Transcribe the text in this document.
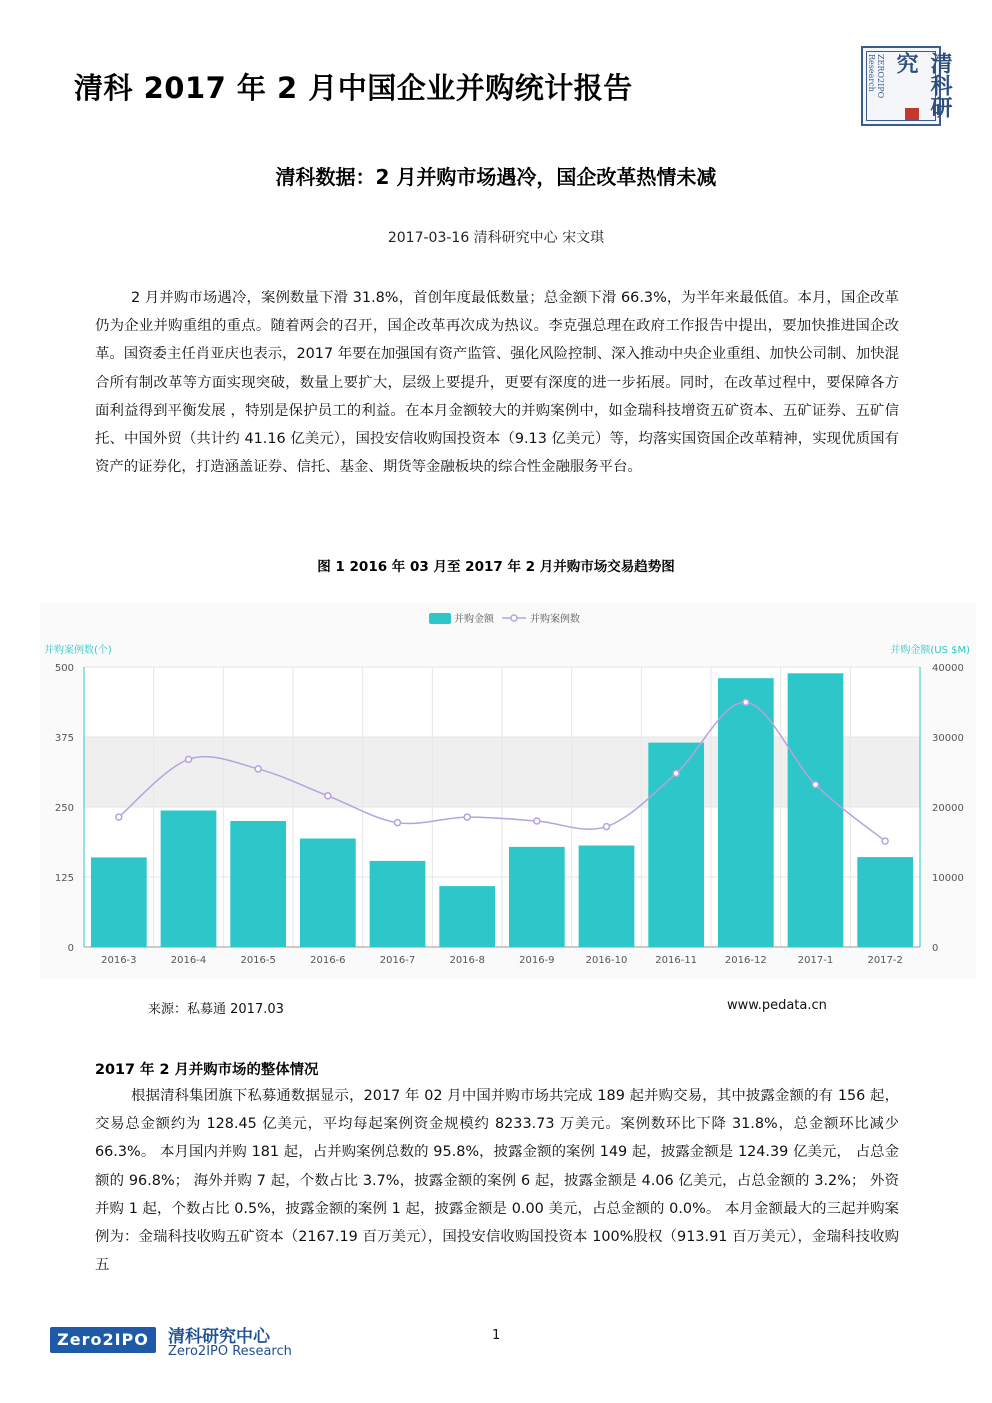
清科 2017 年 2 月中国企业并购统计报告	ZERO2IPO Research	清科研究
清科数据：2 月并购市场遇冷，国企改革热情未减
2017-03-16 清科研究中心 宋文琪
2 月并购市场遇冷，案例数量下滑 31.8%，首创年度最低数量；总金额下滑 66.3%，为半年来最低值。本月，国企改革仍为企业并购重组的重点。随着两会的召开，国企改革再次成为热议。李克强总理在政府工作报告中提出，要加快推进国企改革。国资委主任肖亚庆也表示，2017 年要在加强国有资产监管、强化风险控制、深入推动中央企业重组、加快公司制、加快混合所有制改革等方面实现突破，数量上要扩大，层级上要提升，更要有深度的进一步拓展。同时，在改革过程中，要保障各方面利益得到平衡发展 ，特别是保护员工的利益。在本月金额较大的并购案例中，如金瑞科技增资五矿资本、五矿证券、五矿信托、中国外贸（共计约 41.16 亿美元），国投安信收购国投资本（9.13 亿美元）等，均落实国资国企改革精神，实现优质国有资产的证券化，打造涵盖证券、信托、基金、期货等金融板块的综合性金融服务平台。
图 1 2016 年 03 月至 2017 年 2 月并购市场交易趋势图
并购金额	并购案例数
并购案例数(个)	并购金额(US $M)
0	0
125	10000
250	20000
375	30000
500	40000
2016-3	2016-4	2016-5	2016-6	2016-7	2016-8	2016-9	2016-10	2016-11	2016-12	2017-1	2017-2
来源：私募通 2017.03	www.pedata.cn
2017 年 2 月并购市场的整体情况
根据清科集团旗下私募通数据显示，2017 年 02 月中国并购市场共完成 189 起并购交易，其中披露金额的有 156 起，交易总金额约为 128.45 亿美元，平均每起案例资金规模约 8233.73 万美元。案例数环比下降 31.8%，总金额环比减少 66.3%。 本月国内并购 181 起，占并购案例总数的 95.8%，披露金额的案例 149 起，披露金额是 124.39 亿美元， 占总金额的 96.8%； 海外并购 7 起，个数占比 3.7%，披露金额的案例 6 起，披露金额是 4.06 亿美元，占总金额的 3.2%； 外资并购 1 起，个数占比 0.5%，披露金额的案例 1 起，披露金额是 0.00 美元，占总金额的 0.0%。 本月金额最大的三起并购案例为：金瑞科技收购五矿资本（2167.19 百万美元），国投安信收购国投资本 100%股权（913.91 百万美元），金瑞科技收购五
Zero2IPO	清科研究中心
Zero2IPO Research
1
